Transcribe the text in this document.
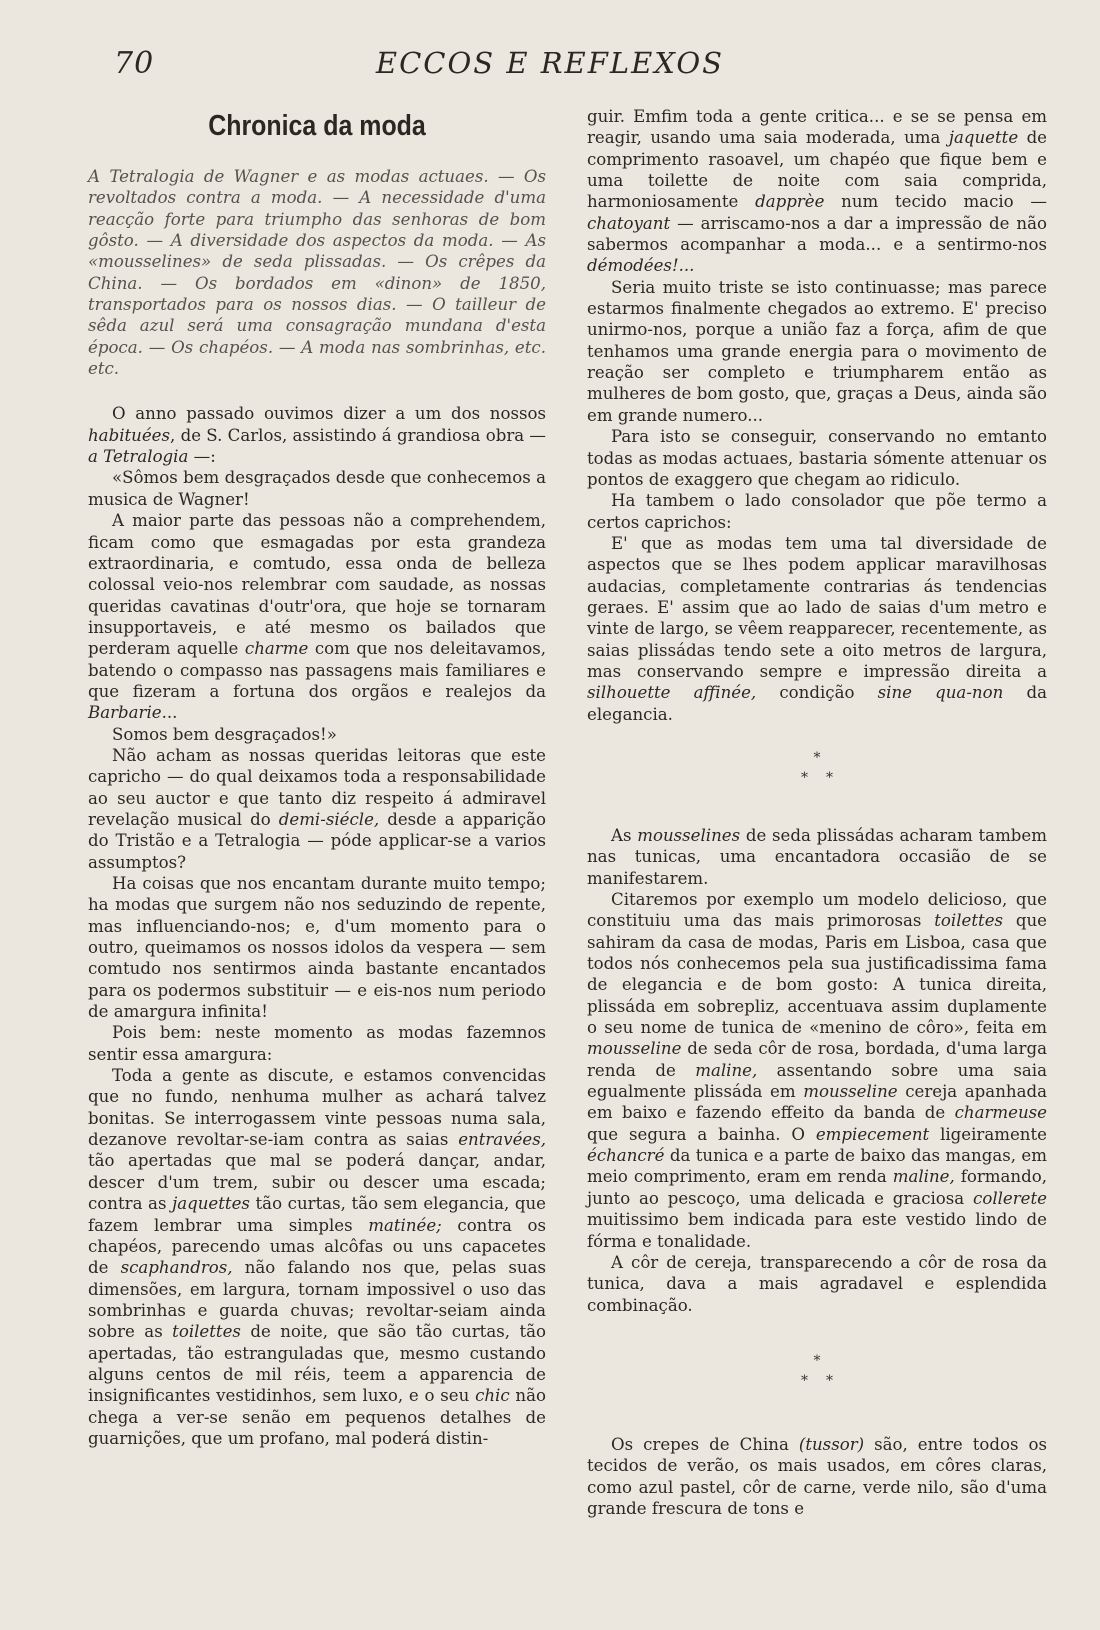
70	ECCOS E REFLEXOS
Chronica da moda

A Tetralogia de Wagner e as modas actuaes. — Os revoltados contra a moda. — A necessidade d'uma reacção forte para triumpho das senhoras de bom gôsto. — A diversidade dos aspectos da moda. — As «mousselines» de seda plissadas. — Os crêpes da China. — Os bordados em «dinon» de 1850, transportados para os nossos dias. — O tailleur de sêda azul será uma consagração mundana d'esta época. — Os chapéos. — A moda nas sombrinhas, etc. etc.

O anno passado ouvimos dizer a um dos nossos habituées, de S. Carlos, assistindo á grandiosa obra — a Tetralogia —:

«Sômos bem desgraçados desde que conhecemos a musica de Wagner!

A maior parte das pessoas não a comprehendem, ficam como que esmagadas por esta grandeza extraordinaria, e comtudo, essa onda de belleza colossal veio-nos relembrar com saudade, as nossas queridas cavatinas d'outr'ora, que hoje se tornaram insupportaveis, e até mesmo os bailados que perderam aquelle charme com que nos deleitavamos, batendo o compasso nas passagens mais familiares e que fizeram a fortuna dos orgãos e realejos da Barbarie...

Somos bem desgraçados!»

Não acham as nossas queridas leitoras que este capricho — do qual deixamos toda a responsabilidade ao seu auctor e que tanto diz respeito á admiravel revelação musical do demi-siécle, desde a apparição do Tristão e a Tetralogia — póde applicar-se a varios assumptos?

Ha coisas que nos encantam durante muito tempo; ha modas que surgem não nos seduzindo de repente, mas influenciando-nos; e, d'um momento para o outro, queimamos os nossos idolos da vespera — sem comtudo nos sentirmos ainda bastante encantados para os podermos substituir — e eis-nos num periodo de amargura infinita!

Pois bem: neste momento as modas fazemnos sentir essa amargura:

Toda a gente as discute, e estamos convencidas que no fundo, nenhuma mulher as achará talvez bonitas. Se interrogassem vinte pessoas numa sala, dezanove revoltar-se-iam contra as saias entravées, tão apertadas que mal se poderá dançar, andar, descer d'um trem, subir ou descer uma escada; contra as jaquettes tão curtas, tão sem elegancia, que fazem lembrar uma simples matinée; contra os chapéos, parecendo umas alcôfas ou uns capacetes de scaphandros, não falando nos que, pelas suas dimensões, em largura, tornam impossivel o uso das sombrinhas e guarda chuvas; revoltar-seiam ainda sobre as toilettes de noite, que são tão curtas, tão apertadas, tão estranguladas que, mesmo custando alguns centos de mil réis, teem a apparencia de insignificantes vestidinhos, sem luxo, e o seu chic não chega a ver-se senão em pequenos detalhes de guarnições, que um profano, mal poderá distin-

guir. Emfim toda a gente critica... e se se pensa em reagir, usando uma saia moderada, uma jaquette de comprimento rasoavel, um chapéo que fique bem e uma toilette de noite com saia comprida, harmoniosamente dapprèe num tecido macio — chatoyant — arriscamo-nos a dar a impressão de não sabermos acompanhar a moda... e a sentirmo-nos démodées!...

Seria muito triste se isto continuasse; mas parece estarmos finalmente chegados ao extremo. E' preciso unirmo-nos, porque a união faz a força, afim de que tenhamos uma grande energia para o movimento de reação ser completo e triumpharem então as mulheres de bom gosto, que, graças a Deus, ainda são em grande numero...

Para isto se conseguir, conservando no emtanto todas as modas actuaes, bastaria sómente attenuar os pontos de exaggero que chegam ao ridiculo.

Ha tambem o lado consolador que põe termo a certos caprichos:

E' que as modas tem uma tal diversidade de aspectos que se lhes podem applicar maravilhosas audacias, completamente contrarias ás tendencias geraes. E' assim que ao lado de saias d'um metro e vinte de largo, se vêem reapparecer, recentemente, as saias plissádas tendo sete a oito metros de largura, mas conservando sempre e impressão direita a silhouette affinée, condição sine qua-non da elegancia.

*
**

As mousselines de seda plissádas acharam tambem nas tunicas, uma encantadora occasião de se manifestarem.

Citaremos por exemplo um modelo delicioso, que constituiu uma das mais primorosas toilettes que sahiram da casa de modas, Paris em Lisboa, casa que todos nós conhecemos pela sua justificadissima fama de elegancia e de bom gosto: A tunica direita, plissáda em sobrepliz, accentuava assim duplamente o seu nome de tunica de «menino de côro», feita em mousseline de seda côr de rosa, bordada, d'uma larga renda de maline, assentando sobre uma saia egualmente plissáda em mousseline cereja apanhada em baixo e fazendo effeito da banda de charmeuse que segura a bainha. O empiecement ligeiramente échancré da tunica e a parte de baixo das mangas, em meio comprimento, eram em renda maline, formando, junto ao pescoço, uma delicada e graciosa collerete muitissimo bem indicada para este vestido lindo de fórma e tonalidade.

A côr de cereja, transparecendo a côr de rosa da tunica, dava a mais agradavel e esplendida combinação.

*
**

Os crepes de China (tussor) são, entre todos os tecidos de verão, os mais usados, em côres claras, como azul pastel, côr de carne, verde nilo, são d'uma grande frescura de tons e
